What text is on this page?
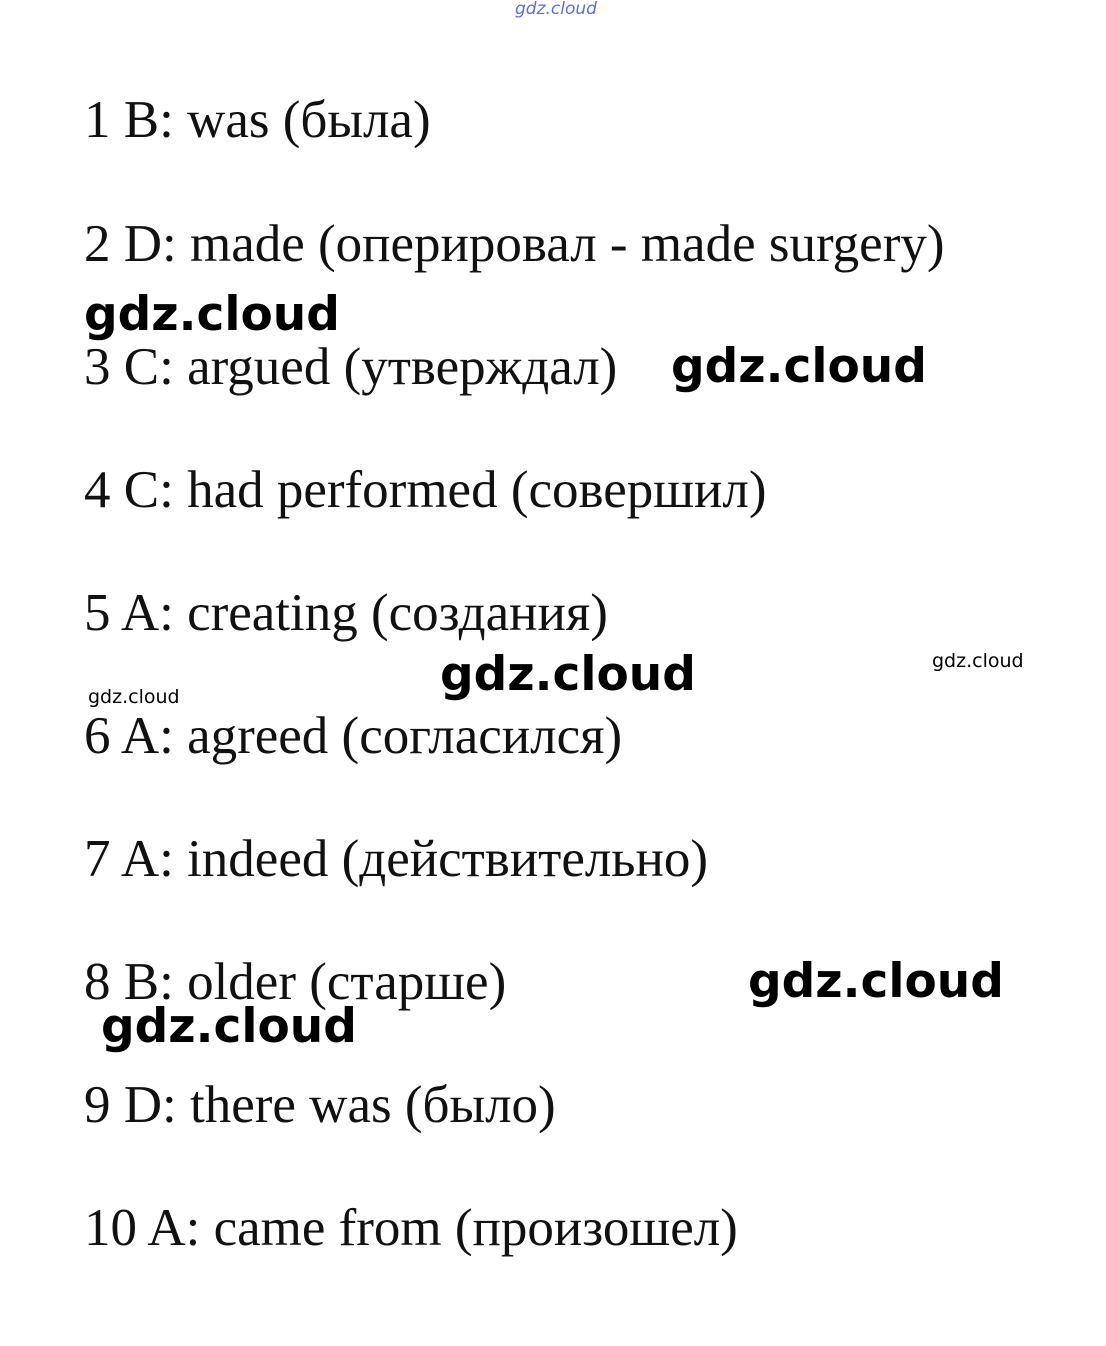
1 B: was (была)

2 D: made (оперировал - made surgery)

3 C: argued (утверждал)

4 C: had performed (совершил)

5 A: creating (создания)

6 A: agreed (согласился)

7 A: indeed (действительно)

8 B: older (старше)

9 D: there was (было)

10 A: came from (произошел)

gdz.cloud
gdz.cloud
gdz.cloud
gdz.cloud	gdz.cloud
gdz.cloud
gdz.cloud
gdz.cloud
